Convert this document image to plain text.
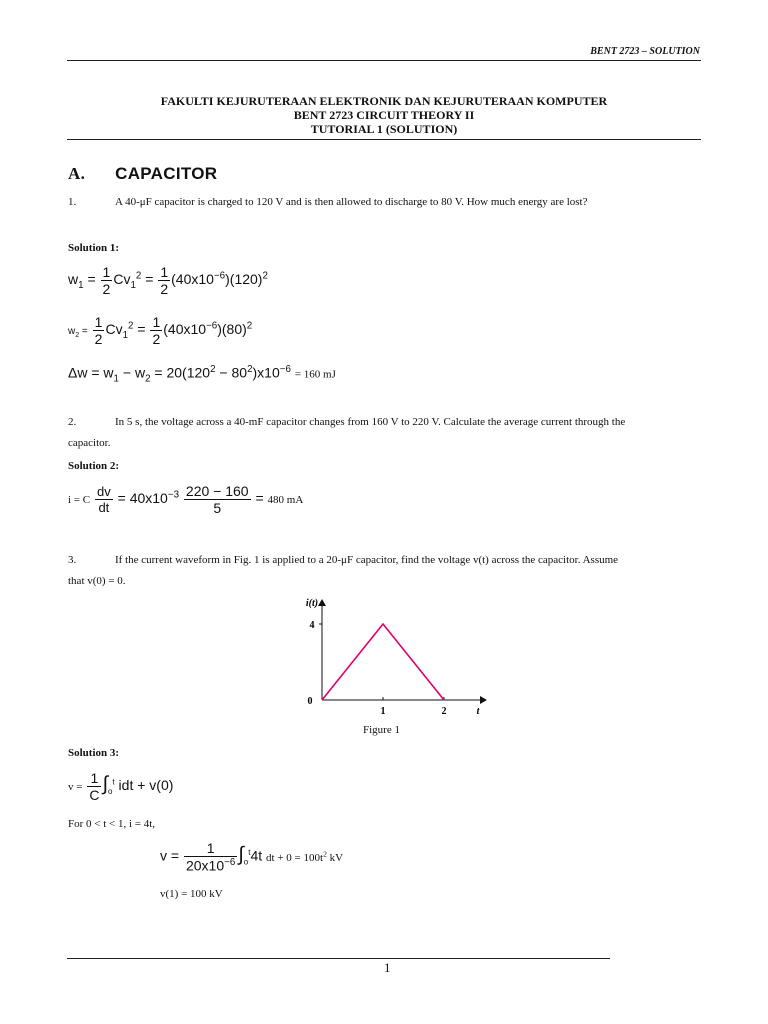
BENT 2723 – SOLUTION
FAKULTI KEJURUTERAAN ELEKTRONIK DAN KEJURUTERAAN KOMPUTER
BENT 2723 CIRCUIT THEORY II
TUTORIAL 1 (SOLUTION)
A. CAPACITOR
1.	A 40-μF capacitor is charged to 120 V and is then allowed to discharge to 80 V. How much energy are lost?
Solution 1:
$w_1 = \frac{1}{2} Cv_1^2 = \frac{1}{2} (40x10^{-6})(120)^2$
$w_2 = \frac{1}{2} Cv_1^2 = \frac{1}{2} (40x10^{-6})(80)^2$
$\Delta w = w_1 - w_2 = 20(120^2 - 80^2)x10^{-6} = 160$ mJ
2.	In 5 s, the voltage across a 40-mF capacitor changes from 160 V to 220 V. Calculate the average current through the
capacitor.
Solution 2:
i = C $\frac{dv}{dt} = 40x10^{-3} \frac{220 - 160}{5} = 480$ mA
3.	If the current waveform in Fig. 1 is applied to a 20-μF capacitor, find the voltage v(t) across the capacitor. Assume
that v(0) = 0.
4
1	2
0
i(t)
t
Figure 1
Solution 3:
$v = \frac{1}{C} \int_o^t$ idt + v(0)
For 0 < t < 1, i = 4t,
$v = \frac{1}{20x10^{-6}} \int_o^t4t$ dt + $0 = 100t^2$ kV
v(1) = 100 kV
1
